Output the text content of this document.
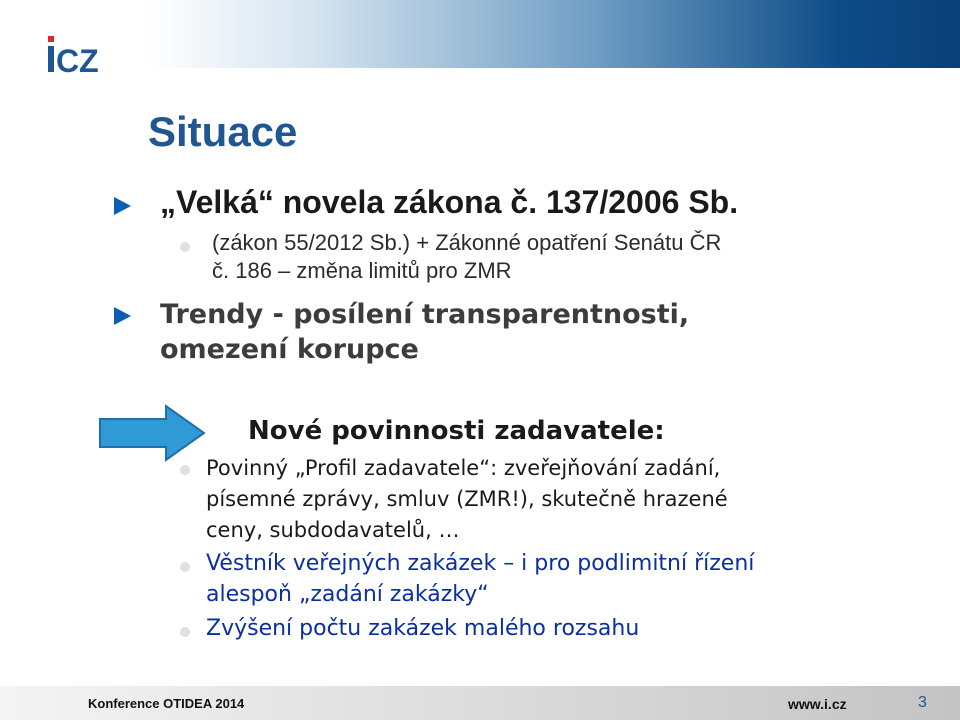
CZ
Situace
„Velká“ novela zákona č. 137/2006 Sb.
(zákon 55/2012 Sb.) + Zákonné opatření Senátu ČR
č. 186 – změna limitů pro ZMR
Trendy - posílení transparentnosti,
omezení korupce
Nové povinnosti zadavatele:
Povinný „Profil zadavatele“: zveřejňování zadání,
písemné zprávy, smluv (ZMR!), skutečně hrazené
ceny, subdodavatelů, …
Věstník veřejných zakázek – i pro podlimitní řízení
alespoň „zadání zakázky“
Zvýšení počtu zakázek malého rozsahu
Konference OTIDEA 2014	www.i.cz	3
